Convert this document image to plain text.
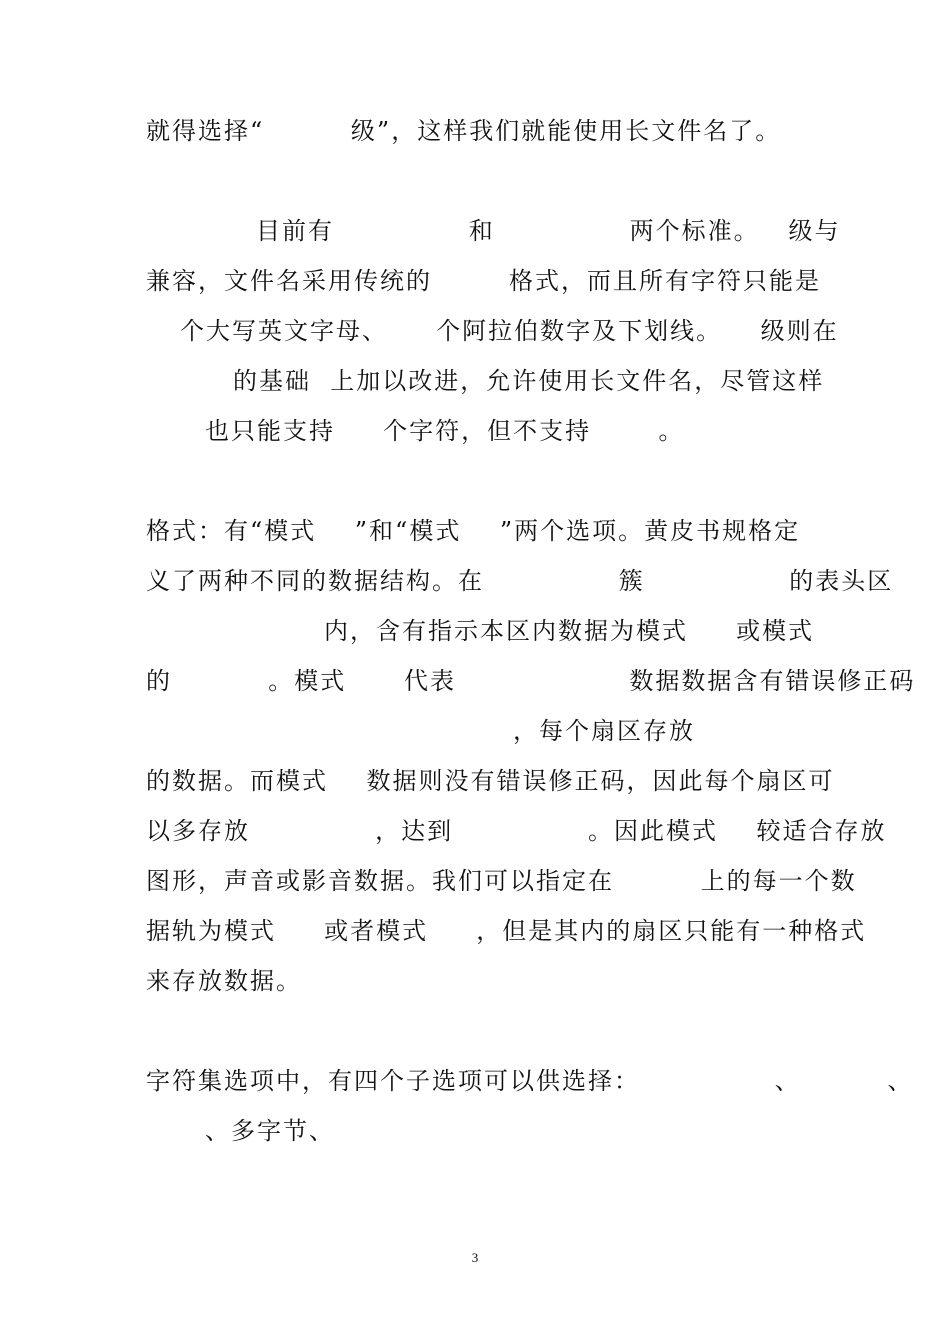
就得选择“         级”，这样我们就能使用长文件名了。
目前有              和              两个标准。   级与
兼容，文件名采用传统的        格式，而且所有字符只能是
个大写英文字母、     个阿拉伯数字及下划线。    级则在
的基础  上加以改进，允许使用长文件名，尽管这样
也只能支持     个字符，但不支持       。
格式：有“模式    ”和“模式    ”两个选项。黄皮书规格定
义了两种不同的数据结构。在              簇               的表头区
内，含有指示本区内数据为模式     或模式
的          。模式      代表                  数据数据含有错误修正码
，每个扇区存放
的数据。而模式    数据则没有错误修正码，因此每个扇区可
以多存放             ，达到              。因此模式    较适合存放
图形，声音或影音数据。我们可以指定在         上的每一个数
据轨为模式     或者模式     ，但是其内的扇区只能有一种格式
来存放数据。
字符集选项中，有四个子选项可以供选择：              、         、
、多字节、
3
